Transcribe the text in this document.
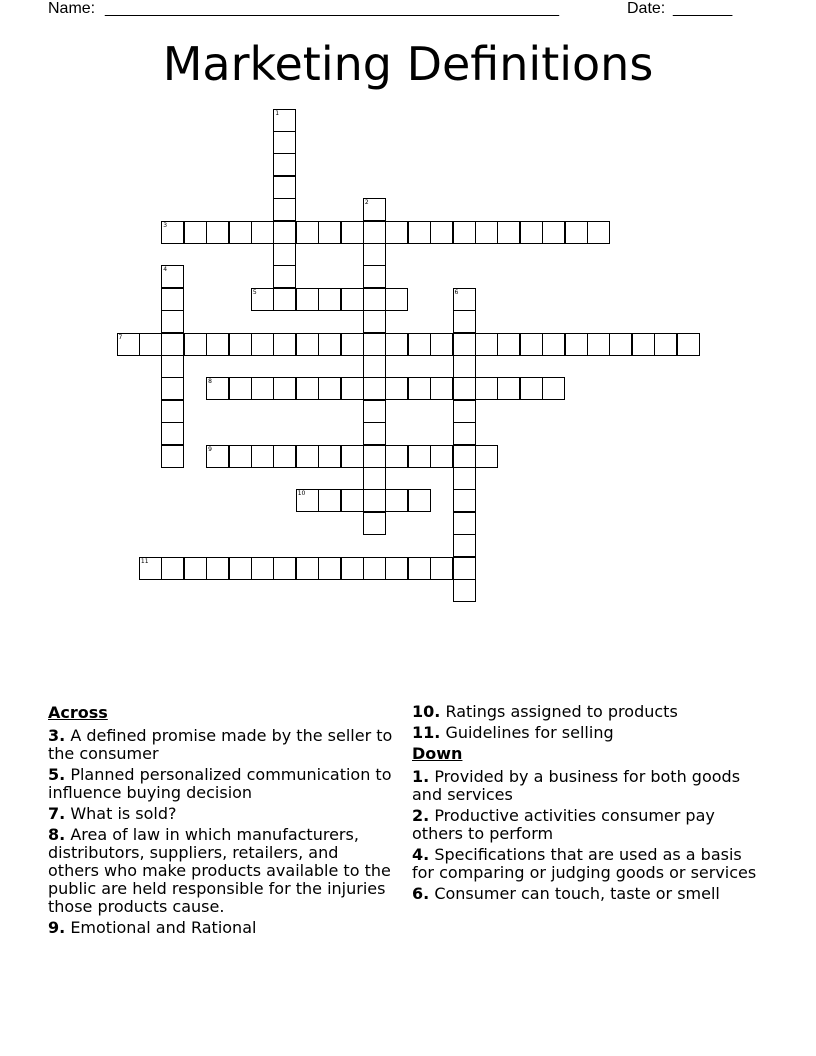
Name: ______________________________________________________	Date: _______
Marketing Definitions
1
2
3
4
5	6
7
8
9
10
11
Across
3. A defined promise made by the seller to the consumer
5. Planned personalized communication to influence buying decision
7. What is sold?
8. Area of law in which manufacturers, distributors, suppliers, retailers, and others who make products available to the public are held responsible for the injuries those products cause.
9. Emotional and Rational
10. Ratings assigned to products
11. Guidelines for selling
Down
1. Provided by a business for both goods and services
2. Productive activities consumer pay others to perform
4. Specifications that are used as a basis for comparing or judging goods or services
6. Consumer can touch, taste or smell
